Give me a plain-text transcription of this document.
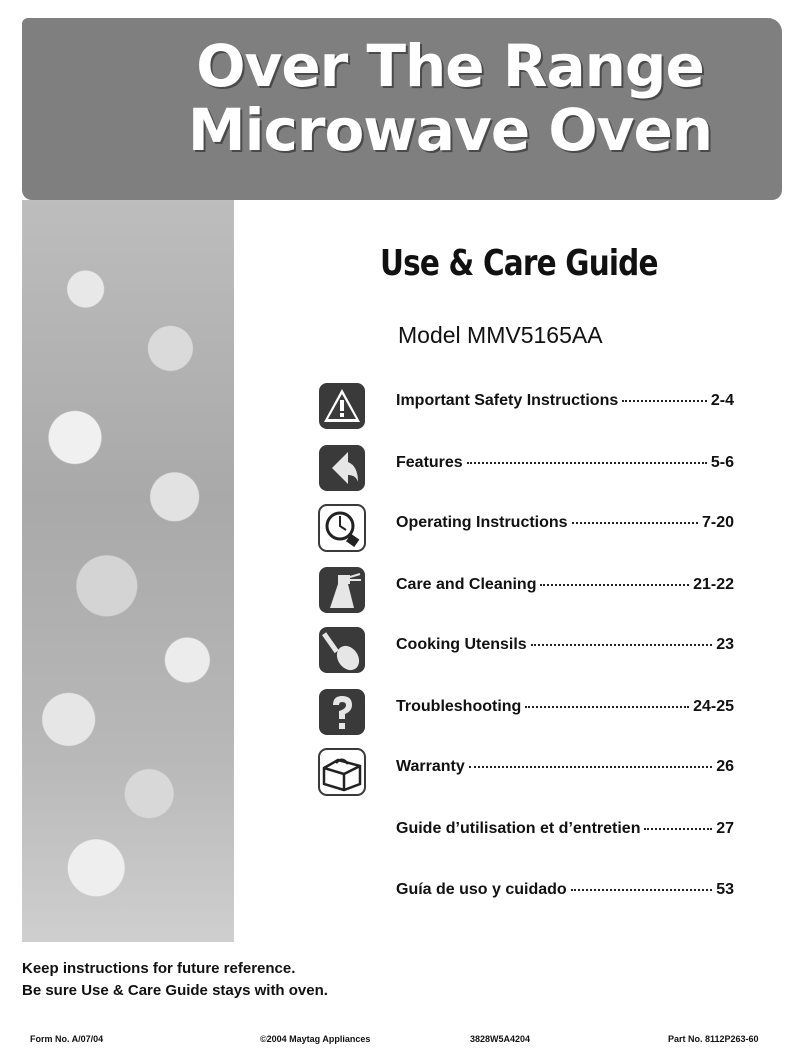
Over The Range
Microwave Oven
Use & Care Guide
Model MMV5165AA
Important Safety Instructions	2-4
Features	5-6
Operating Instructions	7-20
Care and Cleaning	21-22
Cooking Utensils	23
Troubleshooting	24-25
Warranty	26
Guide d’utilisation et d’entretien	27
Guía de uso y cuidado	53
Keep instructions for future reference.
Be sure Use & Care Guide stays with oven.
Form No. A/07/04	©2004 Maytag Appliances	3828W5A4204	Part No. 8112P263-60
